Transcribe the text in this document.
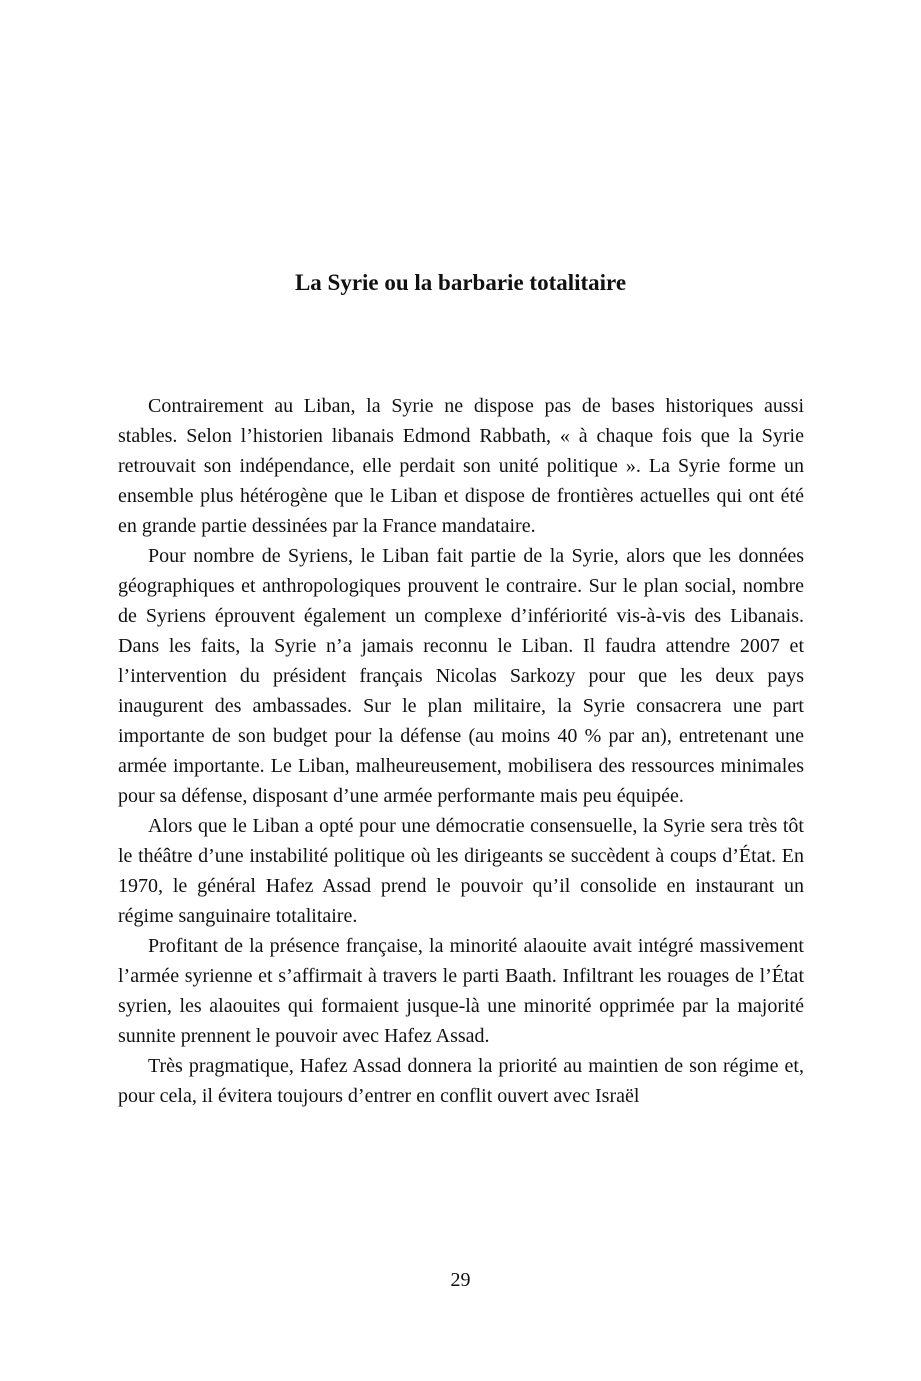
La Syrie ou la barbarie totalitaire

Contrairement au Liban, la Syrie ne dispose pas de bases historiques aussi stables. Selon l’historien libanais Edmond Rabbath, « à chaque fois que la Syrie retrouvait son indépendance, elle perdait son unité politique ». La Syrie forme un ensemble plus hétérogène que le Liban et dispose de frontières actuelles qui ont été en grande partie dessinées par la France mandataire.

Pour nombre de Syriens, le Liban fait partie de la Syrie, alors que les données géographiques et anthropologiques prouvent le contraire. Sur le plan social, nombre de Syriens éprouvent également un complexe d’infériorité vis-à-vis des Libanais. Dans les faits, la Syrie n’a jamais reconnu le Liban. Il faudra attendre 2007 et l’intervention du président français Nicolas Sarkozy pour que les deux pays inaugurent des ambassades. Sur le plan militaire, la Syrie consacrera une part importante de son budget pour la défense (au moins 40 % par an), entretenant une armée importante. Le Liban, malheureusement, mobilisera des ressources minimales pour sa défense, disposant d’une armée performante mais peu équipée.

Alors que le Liban a opté pour une démocratie consensuelle, la Syrie sera très tôt le théâtre d’une instabilité politique où les dirigeants se succèdent à coups d’État. En 1970, le général Hafez Assad prend le pouvoir qu’il consolide en instaurant un régime sanguinaire totalitaire.

Profitant de la présence française, la minorité alaouite avait intégré massivement l’armée syrienne et s’affirmait à travers le parti Baath. Infiltrant les rouages de l’État syrien, les alaouites qui formaient jusque-là une minorité opprimée par la majorité sunnite prennent le pouvoir avec Hafez Assad.

Très pragmatique, Hafez Assad donnera la priorité au maintien de son régime et, pour cela, il évitera toujours d’entrer en conflit ouvert avec Israël

29
